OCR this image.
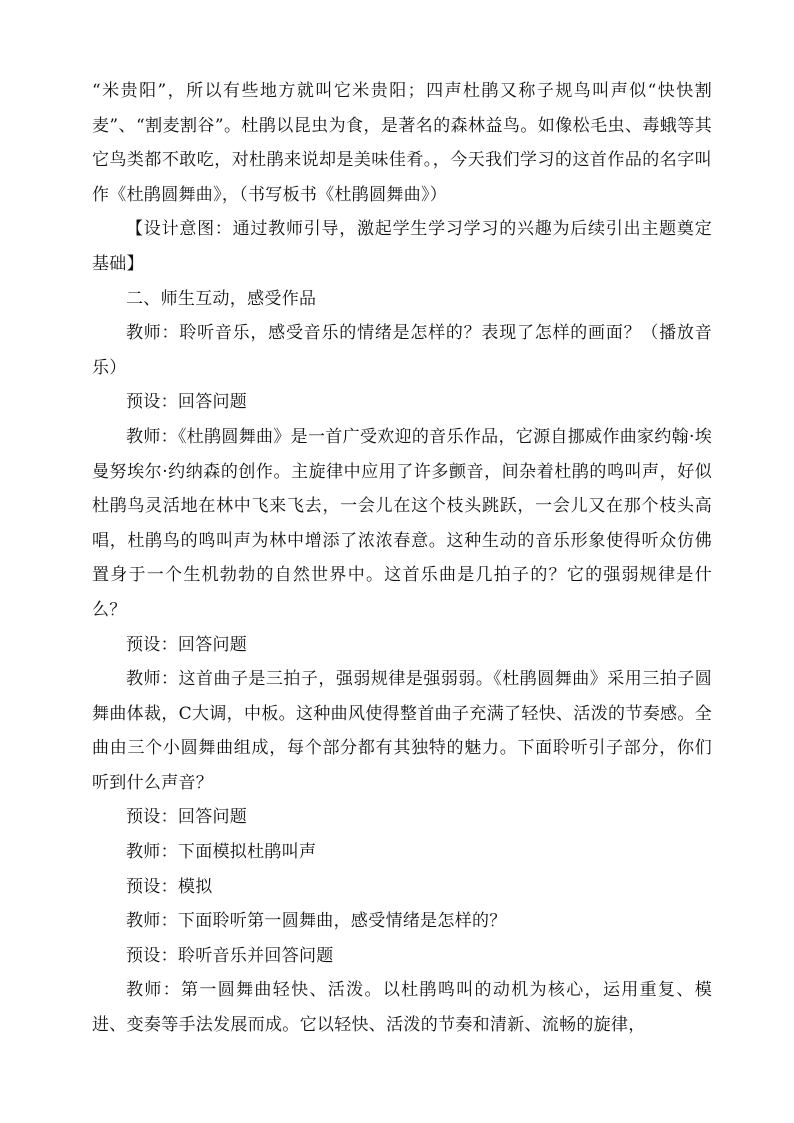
“米贵阳”，所以有些地方就叫它米贵阳；四声杜鹃又称子规鸟叫声似“快快割麦”、“割麦割谷”。杜鹃以昆虫为食，是著名的森林益鸟。如像松毛虫、毒蛾等其它鸟类都不敢吃，对杜鹃来说却是美味佳肴。，今天我们学习的这首作品的名字叫作《杜鹃圆舞曲》，（书写板书《杜鹃圆舞曲》）

【设计意图：通过教师引导，激起学生学习学习的兴趣为后续引出主题奠定基础】

二、师生互动，感受作品

教师：聆听音乐，感受音乐的情绪是怎样的？表现了怎样的画面？（播放音乐）

预设：回答问题

教师：《杜鹃圆舞曲》是一首广受欢迎的音乐作品，它源自挪威作曲家约翰·埃曼努埃尔·约纳森的创作。主旋律中应用了许多颤音，间杂着杜鹃的鸣叫声，好似杜鹃鸟灵活地在林中飞来飞去，一会儿在这个枝头跳跃，一会儿又在那个枝头高唱，杜鹃鸟的鸣叫声为林中增添了浓浓春意。这种生动的音乐形象使得听众仿佛置身于一个生机勃勃的自然世界中。这首乐曲是几拍子的？它的强弱规律是什么？

预设：回答问题

教师：这首曲子是三拍子，强弱规律是强弱弱。《杜鹃圆舞曲》采用三拍子圆舞曲体裁，C大调，中板。这种曲风使得整首曲子充满了轻快、活泼的节奏感。全曲由三个小圆舞曲组成，每个部分都有其独特的魅力。下面聆听引子部分，你们听到什么声音？

预设：回答问题

教师：下面模拟杜鹃叫声

预设：模拟

教师：下面聆听第一圆舞曲，感受情绪是怎样的？

预设：聆听音乐并回答问题

教师：第一圆舞曲轻快、活泼。以杜鹃鸣叫的动机为核心，运用重复、模进、变奏等手法发展而成。它以轻快、活泼的节奏和清新、流畅的旋律，
